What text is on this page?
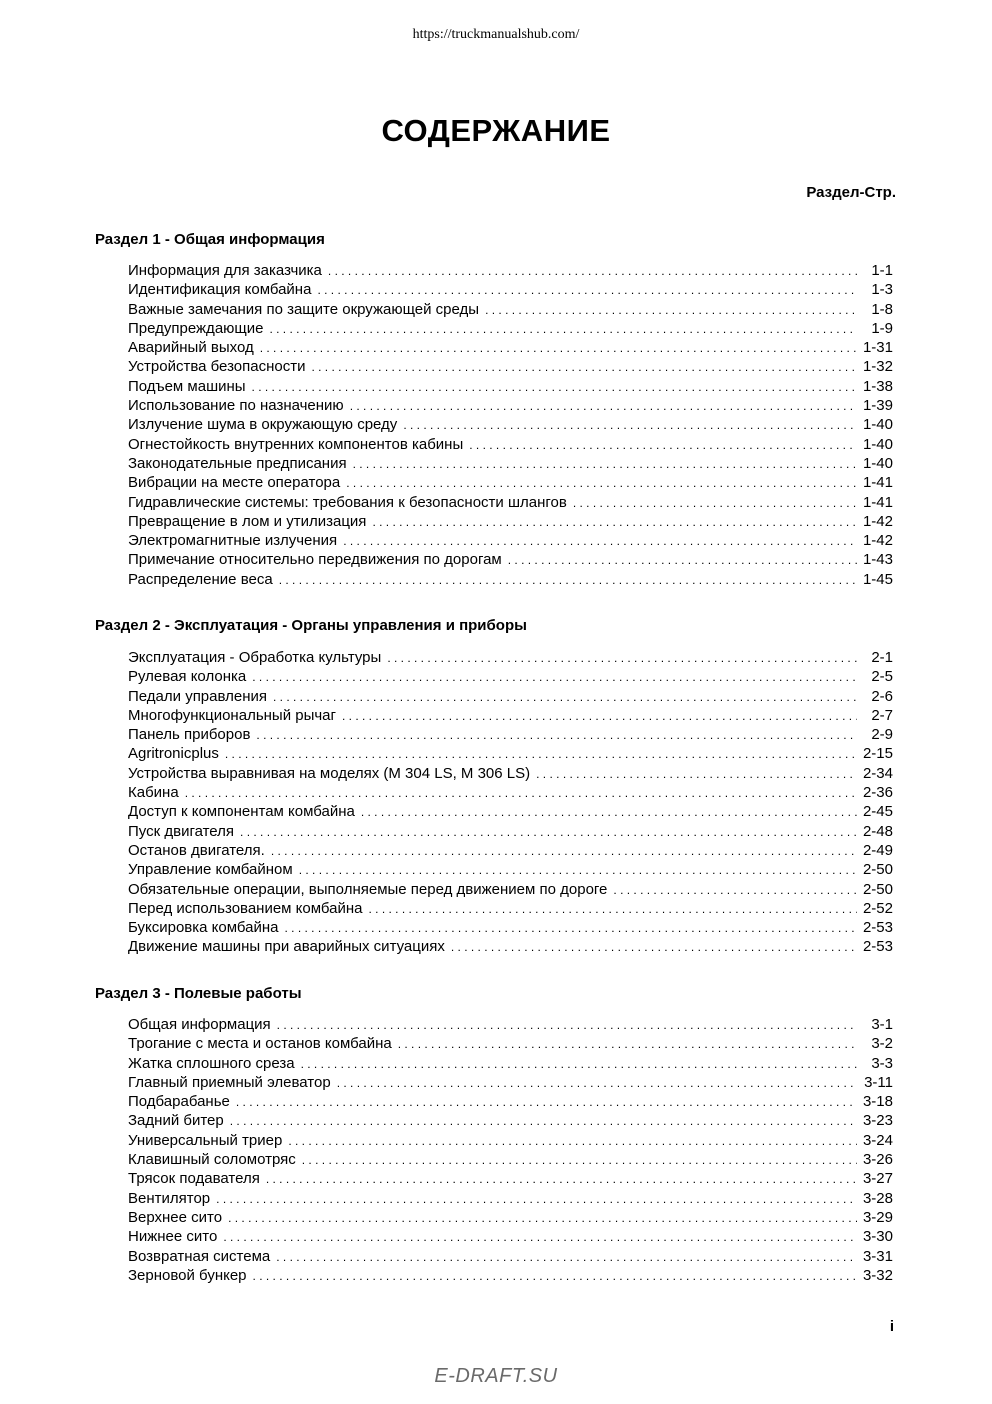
https://truckmanualshub.com/
СОДЕРЖАНИЕ
Раздел-Стр.
Раздел 1 - Общая информация
Информация для заказчика . . .	1-1
Идентификация комбайна . . .	1-3
Важные замечания по защите окружающей среды . . .	1-8
Предупреждающие . . .	1-9
Аварийный выход . . .	1-31
Устройства безопасности . . .	1-32
Подъем машины . . .	1-38
Использование по назначению . . .	1-39
Излучение шума в окружающую среду . . .	1-40
Огнестойкость внутренних компонентов кабины . . .	1-40
Законодательные предписания . . .	1-40
Вибрации на месте оператора . . .	1-41
Гидравлические системы: требования к безопасности шлангов . . .	1-41
Превращение в лом и утилизация . . .	1-42
Электромагнитные излучения . . .	1-42
Примечание относительно передвижения по дорогам . . .	1-43
Распределение веса . . .	1-45
Раздел 2 - Эксплуатация - Органы управления и приборы
Эксплуатация - Обработка культуры . . .	2-1
Рулевая колонка . . .	2-5
Педали управления . . .	2-6
Многофункциональный рычаг . . .	2-7
Панель приборов . . .	2-9
Agritronicplus . . .	2-15
Устройства выравнивая на моделях (M 304 LS, M 306 LS) . . .	2-34
Кабина . . .	2-36
Доступ к компонентам комбайна . . .	2-45
Пуск двигателя . . .	2-48
Останов двигателя. . . .	2-49
Управление комбайном . . .	2-50
Обязательные операции, выполняемые перед движением по дороге . . .	2-50
Перед использованием комбайна . . .	2-52
Буксировка комбайна . . .	2-53
Движение машины при аварийных ситуациях . . .	2-53
Раздел 3 - Полевые работы
Общая информация . . .	3-1
Трогание с места и останов комбайна . . .	3-2
Жатка сплошного среза . . .	3-3
Главный приемный элеватор . . .	3-11
Подбарабанье . . .	3-18
Задний битер . . .	3-23
Универсальный триер . . .	3-24
Клавишный соломотряс . . .	3-26
Трясок подавателя . . .	3-27
Вентилятор . . .	3-28
Верхнее сито . . .	3-29
Нижнее сито . . .	3-30
Возвратная система . . .	3-31
Зерновой бункер . . .	3-32
i
E-DRAFT.SU
